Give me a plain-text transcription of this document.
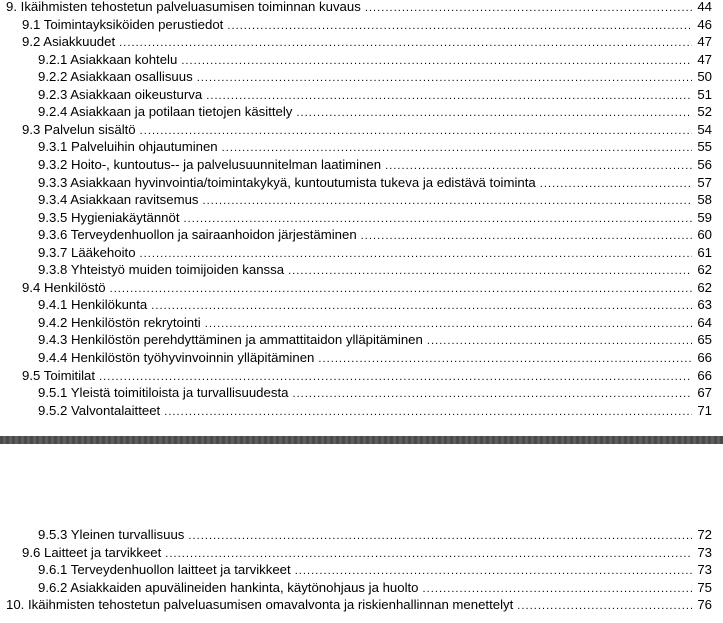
9. Ikäihmisten tehostetun palveluasumisen toiminnan kuvaus . . .	44
9.1 Toimintayksiköiden perustiedot . . .	46
9.2 Asiakkuudet . . .	47
9.2.1 Asiakkaan kohtelu . . .	47
9.2.2 Asiakkaan osallisuus . . .	50
9.2.3 Asiakkaan oikeusturva . . .	51
9.2.4 Asiakkaan ja potilaan tietojen käsittely . . .	52
9.3 Palvelun sisältö . . .	54
9.3.1 Palveluihin ohjautuminen . . .	55
9.3.2 Hoito-, kuntoutus-- ja palvelusuunnitelman laatiminen . . .	56
9.3.3 Asiakkaan hyvinvointia/toimintakykyä, kuntoutumista tukeva ja edistävä toiminta . . .	57
9.3.4 Asiakkaan ravitsemus . . .	58
9.3.5 Hygieniakäytännöt . . .	59
9.3.6 Terveydenhuollon ja sairaanhoidon järjestäminen . . .	60
9.3.7 Lääkehoito . . .	61
9.3.8 Yhteistyö muiden toimijoiden kanssa . . .	62
9.4 Henkilöstö . . .	62
9.4.1 Henkilökunta . . .	63
9.4.2 Henkilöstön rekrytointi . . .	64
9.4.3 Henkilöstön perehdyttäminen ja ammattitaidon ylläpitäminen . . .	65
9.4.4 Henkilöstön työhyvinvoinnin ylläpitäminen . . .	66
9.5 Toimitilat . . .	66
9.5.1 Yleistä toimitiloista ja turvallisuudesta . . .	67
9.5.2 Valvontalaitteet . . .	71
9.5.3 Yleinen turvallisuus . . .	72
9.6 Laitteet ja tarvikkeet . . .	73
9.6.1 Terveydenhuollon laitteet ja tarvikkeet . . .	73
9.6.2 Asiakkaiden apuvälineiden hankinta, käytönohjaus ja huolto . . .	75
10. Ikäihmisten tehostetun palveluasumisen omavalvonta ja riskienhallinnan menettelyt . . .	76
